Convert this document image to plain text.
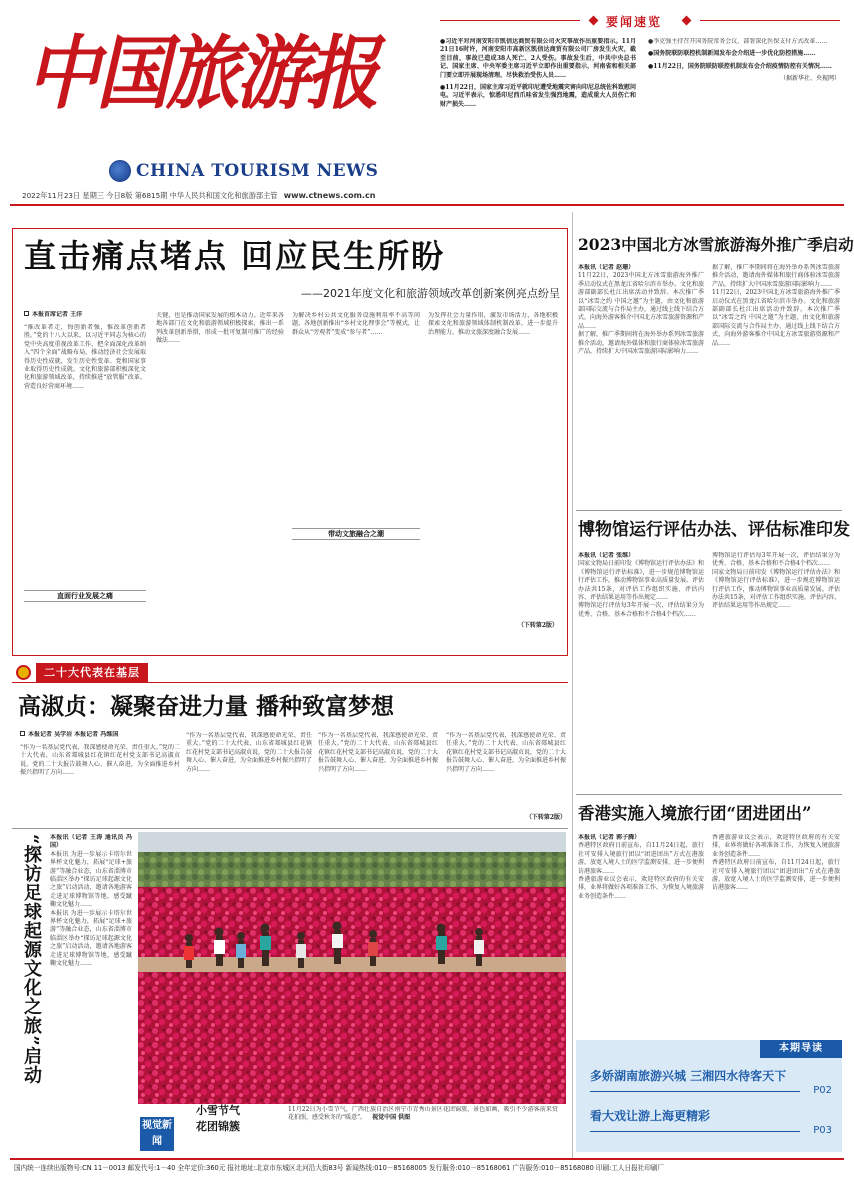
中国旅游报
CHINA TOURISM NEWS
2022年11月23日 星期三 今日8版 第6815期 中华人民共和国文化和旅游部主管 www.ctnews.com.cn
要闻速览

●习近平对河南安阳市凯信达商贸有限公司火灾事故作出重要指示。11月21日16时许，河南安阳市高新区凯信达商贸有限公司厂房发生火灾，截至目前，事故已造成38人死亡、2人受伤。事故发生后，中共中央总书记、国家主席、中央军委主席习近平立即作出重要指示，河南省和相关部门要立即开展现场清理、尽快救治受伤人员……

●11月22日，国家主席习近平就印尼遭受地震灾害向印尼总统佐科致慰问电。习近平表示，惊悉印尼西爪哇省发生强烈地震，造成重大人员伤亡和财产损失……

●李克强主持召开国务院常务会议，部署深化医保支付方式改革……

●国务院联防联控机制新闻发布会介绍进一步优化防控措施……

●11月22日，国务院联防联控机制发布会介绍疫情防控有关情况……

（据新华社、央视网）

直击痛点堵点 回应民生所盼
——2021年度文化和旅游领域改革创新案例亮点纷呈
本报首席记者 王洋

“推改革者走，悔创新者强，惟改革创新者胜。”党的十八大以来，以习近平同志为核心的党中央高度重视改革工作，把全面深化改革纳入“四个全面”战略布局，推动经济社会发展取得历史性成就，发生历史性变革。党和国家事业取得历史性成就。文化和旅游部积极深化文化和旅游领域改革，持续推进“放管服”改革，营造良好营商环境……

直面行业发展之痛

关键，也是推动国家发展的根本动力。近年来各地各部门在文化和旅游领域积极探索，推出一系列改革创新举措，形成一批可复制可推广的经验做法……

为解决乡村公共文化服务设施利用率不高等问题，各地创新推出“乡村文化理事会”等模式，让群众从“旁观者”变成“参与者”……

带动文旅融合之潮

为发挥社会力量作用，激发市场活力，各地积极探索文化和旅游领域体制机制改革，进一步提升治理能力，推动文旅深度融合发展……

（下转第2版）

二十大代表在基层
高淑贞：凝聚奋进力量 播种致富梦想
本报记者 吴学岩 本报记者 冯维国

“作为一名基层党代表，我深感使命光荣、责任重大。”党的二十大代表、山东省郯城县红花镇红花村党支部书记高淑贞说，党的二十大报告鼓舞人心、催人奋进，为全面推进乡村振兴指明了方向……

“作为一名基层党代表，我深感使命光荣、责任重大。”党的二十大代表、山东省郯城县红花镇红花村党支部书记高淑贞说，党的二十大报告鼓舞人心、催人奋进，为全面推进乡村振兴指明了方向……

“作为一名基层党代表，我深感使命光荣、责任重大。”党的二十大代表、山东省郯城县红花镇红花村党支部书记高淑贞说，党的二十大报告鼓舞人心、催人奋进，为全面推进乡村振兴指明了方向……

“作为一名基层党代表，我深感使命光荣、责任重大。”党的二十大代表、山东省郯城县红花镇红花村党支部书记高淑贞说，党的二十大报告鼓舞人心、催人奋进，为全面推进乡村振兴指明了方向……

（下转第2版）

“探访足球起源文化之旅”启动	本报讯（记者 王涛 通讯员 冯国）

本报讯 为进一步展示卡塔尔世界杯文化魅力，拓展“足球+旅游”等融合业态，山东省淄博市临淄区举办“探访足球起源文化之旅”启动活动，邀请各地游客走进足球博物馆等地，感受蹴鞠文化魅力……

本报讯 为进一步展示卡塔尔世界杯文化魅力，拓展“足球+旅游”等融合业态，山东省淄博市临淄区举办“探访足球起源文化之旅”启动活动，邀请各地游客走进足球博物馆等地，感受蹴鞠文化魅力……

小雪节气
花团锦簇
11月22日为小雪节气，广西壮族自治区南宁市青秀山景区花团锦簇，景色如画，吸引不少游客前来赏花拍照，感受秋冬的“暖意”。 视觉中国 供图
视觉新闻
2023中国北方冰雪旅游海外推广季启动

本报讯（记者 赵珊）

11月22日，2023中国北方冰雪旅游海外推广季启动仪式在黑龙江省哈尔滨市举办。文化和旅游部副部长杜江出席活动并致辞。本次推广季以“冰雪之约 中国之邀”为主题，由文化和旅游部国际交流与合作局主办，通过线上线下结合方式，向海外游客推介中国北方冰雪旅游资源和产品……

据了解，推广季期间将在海外举办系列冰雪旅游推介活动，邀请海外媒体和旅行商体验冰雪旅游产品，持续扩大中国冰雪旅游国际影响力……

据了解，推广季期间将在海外举办系列冰雪旅游推介活动，邀请海外媒体和旅行商体验冰雪旅游产品，持续扩大中国冰雪旅游国际影响力……

11月22日，2023中国北方冰雪旅游海外推广季启动仪式在黑龙江省哈尔滨市举办。文化和旅游部副部长杜江出席活动并致辞。本次推广季以“冰雪之约 中国之邀”为主题，由文化和旅游部国际交流与合作局主办，通过线上线下结合方式，向海外游客推介中国北方冰雪旅游资源和产品……

博物馆运行评估办法、评估标准印发

本报讯（记者 张维）

国家文物局日前印发《博物馆运行评估办法》和《博物馆运行评估标准》，进一步规范博物馆运行评估工作，推动博物馆事业高质量发展。评估办法共15条，对评估工作组织实施、评估内容、评估结果运用等作出规定……

博物馆运行评估每3年开展一次，评估结果分为优秀、合格、基本合格和不合格4个档次……

博物馆运行评估每3年开展一次，评估结果分为优秀、合格、基本合格和不合格4个档次……

国家文物局日前印发《博物馆运行评估办法》和《博物馆运行评估标准》，进一步规范博物馆运行评估工作，推动博物馆事业高质量发展。评估办法共15条，对评估工作组织实施、评估内容、评估结果运用等作出规定……

香港实施入境旅行团“团进团出”

本报讯（记者 郭子腾）

香港特区政府日前宣布，自11月24日起，旅行社可安排入境旅行团以“团进团出”方式在港旅游，放宽入境人士的医学监测安排，进一步便利访港旅客……

香港旅游业议会表示，欢迎特区政府的有关安排，业界将做好各项准备工作，为恢复入境旅游业务创造条件……

香港旅游业议会表示，欢迎特区政府的有关安排，业界将做好各项准备工作，为恢复入境旅游业务创造条件……

香港特区政府日前宣布，自11月24日起，旅行社可安排入境旅行团以“团进团出”方式在港旅游，放宽入境人士的医学监测安排，进一步便利访港旅客……

本期导读
多娇湖南旅游兴城 三湘四水待客天下
P02
看大戏让游上海更精彩
P03
国内统一连续出版物号:CN 11－0013 邮发代号:1－40 全年定价:360元 报社地址:北京市东城区北河沿大街83号 新闻热线:010－85168005 发行服务:010－85168061 广告服务:010－85168080 印刷:工人日报社印刷厂
